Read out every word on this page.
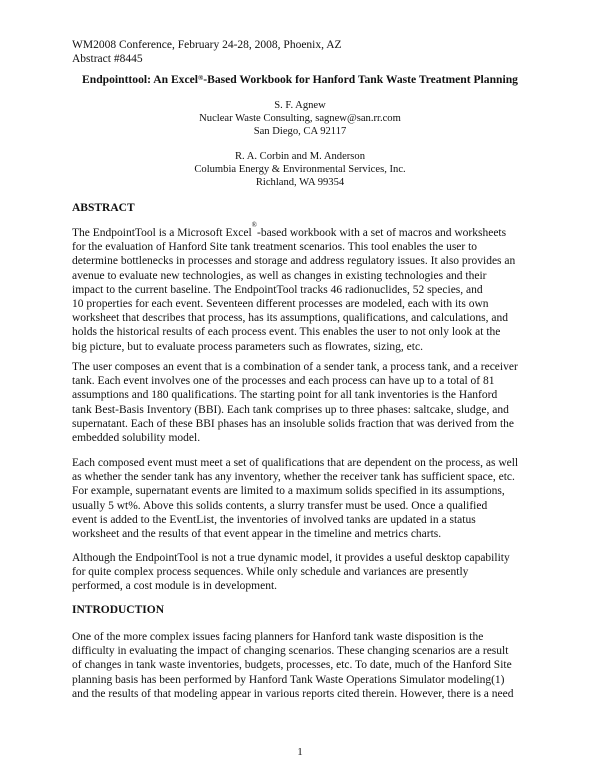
WM2008 Conference, February 24-28, 2008, Phoenix, AZ
Abstract #8445
Endpointtool: An Excel®-Based Workbook for Hanford Tank Waste Treatment Planning
S. F. Agnew
Nuclear Waste Consulting, sagnew@san.rr.com
San Diego, CA 92117
R. A. Corbin and M. Anderson
Columbia Energy & Environmental Services, Inc.
Richland, WA 99354
ABSTRACT
The EndpointTool is a Microsoft Excel®-based workbook with a set of macros and worksheets
for the evaluation of Hanford Site tank treatment scenarios. This tool enables the user to
determine bottlenecks in processes and storage and address regulatory issues. It also provides an
avenue to evaluate new technologies, as well as changes in existing technologies and their
impact to the current baseline. The EndpointTool tracks 46 radionuclides, 52 species, and
10 properties for each event. Seventeen different processes are modeled, each with its own
worksheet that describes that process, has its assumptions, qualifications, and calculations, and
holds the historical results of each process event. This enables the user to not only look at the
big picture, but to evaluate process parameters such as flowrates, sizing, etc.
The user composes an event that is a combination of a sender tank, a process tank, and a receiver
tank. Each event involves one of the processes and each process can have up to a total of 81
assumptions and 180 qualifications. The starting point for all tank inventories is the Hanford
tank Best-Basis Inventory (BBI). Each tank comprises up to three phases: saltcake, sludge, and
supernatant. Each of these BBI phases has an insoluble solids fraction that was derived from the
embedded solubility model.
Each composed event must meet a set of qualifications that are dependent on the process, as well
as whether the sender tank has any inventory, whether the receiver tank has sufficient space, etc.
For example, supernatant events are limited to a maximum solids specified in its assumptions,
usually 5 wt%. Above this solids contents, a slurry transfer must be used. Once a qualified
event is added to the EventList, the inventories of involved tanks are updated in a status
worksheet and the results of that event appear in the timeline and metrics charts.
Although the EndpointTool is not a true dynamic model, it provides a useful desktop capability
for quite complex process sequences. While only schedule and variances are presently
performed, a cost module is in development.
INTRODUCTION
One of the more complex issues facing planners for Hanford tank waste disposition is the
difficulty in evaluating the impact of changing scenarios. These changing scenarios are a result
of changes in tank waste inventories, budgets, processes, etc. To date, much of the Hanford Site
planning basis has been performed by Hanford Tank Waste Operations Simulator modeling(1)
and the results of that modeling appear in various reports cited therein. However, there is a need
1
